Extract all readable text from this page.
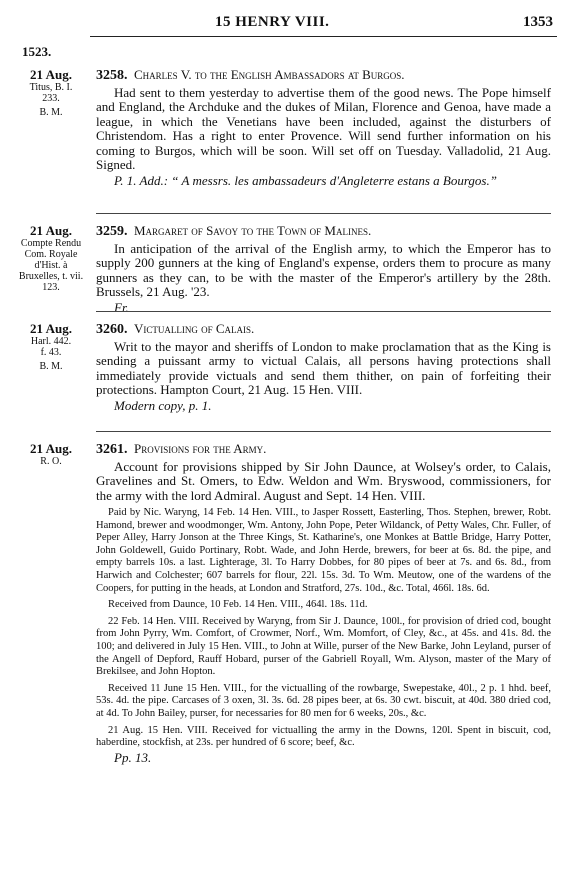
15 HENRY VIII.	1353
1523.
21 Aug.
Titus, B. I.
233.
B. M.
3258. Charles V. to the English Ambassadors at Burgos.

Had sent to them yesterday to advertise them of the good news. The Pope himself and England, the Archduke and the dukes of Milan, Florence and Genoa, have made a league, in which the Venetians have been included, against the disturbers of Christendom. Has a right to enter Provence. Will send further information on his coming to Burgos, which will be soon. Will set off on Tuesday. Valladolid, 21 Aug. Signed.

P. 1. Add.: “ A messrs. les ambassadeurs d'Angleterre estans a Bourgos.”

21 Aug.
Compte Rendu Com. Royale d'Hist. à Bruxelles, t. vii.
123.
3259. Margaret of Savoy to the Town of Malines.

In anticipation of the arrival of the English army, to which the Emperor has to supply 200 gunners at the king of England's expense, orders them to procure as many gunners as they can, to be with the master of the Emperor's artillery by the 28th. Brussels, 21 Aug. '23.

Fr.

21 Aug.
Harl. 442.
f. 43.
B. M.
3260. Victualling of Calais.

Writ to the mayor and sheriffs of London to make proclamation that as the King is sending a puissant army to victual Calais, all persons having protections shall immediately provide victuals and send them thither, on pain of forfeiting their protections. Hampton Court, 21 Aug. 15 Hen. VIII.

Modern copy, p. 1.

21 Aug.
R. O.
3261. Provisions for the Army.

Account for provisions shipped by Sir John Daunce, at Wolsey's order, to Calais, Gravelines and St. Omers, to Edw. Weldon and Wm. Bryswood, commissioners, for the army with the lord Admiral. August and Sept. 14 Hen. VIII.

Paid by Nic. Waryng, 14 Feb. 14 Hen. VIII., to Jasper Rossett, Easterling, Thos. Stephen, brewer, Robt. Hamond, brewer and woodmonger, Wm. Antony, John Pope, Peter Wildanck, of Petty Wales, Chr. Fuller, of Peper Alley, Harry Jonson at the Three Kings, St. Katharine's, one Monkes at Battle Bridge, Harry Potter, John Goldewell, Guido Portinary, Robt. Wade, and John Herde, brewers, for beer at 6s. 8d. the pipe, and empty barrels 10s. a last. Lighterage, 3l. To Harry Dobbes, for 80 pipes of beer at 7s. and 6s. 8d., from Harwich and Colchester; 607 barrels for flour, 22l. 15s. 3d. To Wm. Meutow, one of the wardens of the Coopers, for putting in the heads, at London and Stratford, 27s. 10d., &c. Total, 466l. 18s. 6d.

Received from Daunce, 10 Feb. 14 Hen. VIII., 464l. 18s. 11d.

22 Feb. 14 Hen. VIII. Received by Waryng, from Sir J. Daunce, 100l., for provision of dried cod, bought from John Pyrry, Wm. Comfort, of Crowmer, Norf., Wm. Momfort, of Cley, &c., at 45s. and 41s. 8d. the 100; and delivered in July 15 Hen. VIII., to John at Wille, purser of the New Barke, John Leyland, purser of the Angell of Depford, Rauff Hobard, purser of the Gabriell Royall, Wm. Alyson, master of the Mary of Brekilsee, and John Hopton.

Received 11 June 15 Hen. VIII., for the victualling of the rowbarge, Swepestake, 40l., 2 p. 1 hhd. beef, 53s. 4d. the pipe. Carcases of 3 oxen, 3l. 3s. 6d. 28 pipes beer, at 6s. 30 cwt. biscuit, at 40d. 380 dried cod, at 4d. To John Bailey, purser, for necessaries for 80 men for 6 weeks, 20s., &c.

21 Aug. 15 Hen. VIII. Received for victualling the army in the Downs, 120l. Spent in biscuit, cod, haberdine, stockfish, at 23s. per hundred of 6 score; beef, &c.

Pp. 13.
